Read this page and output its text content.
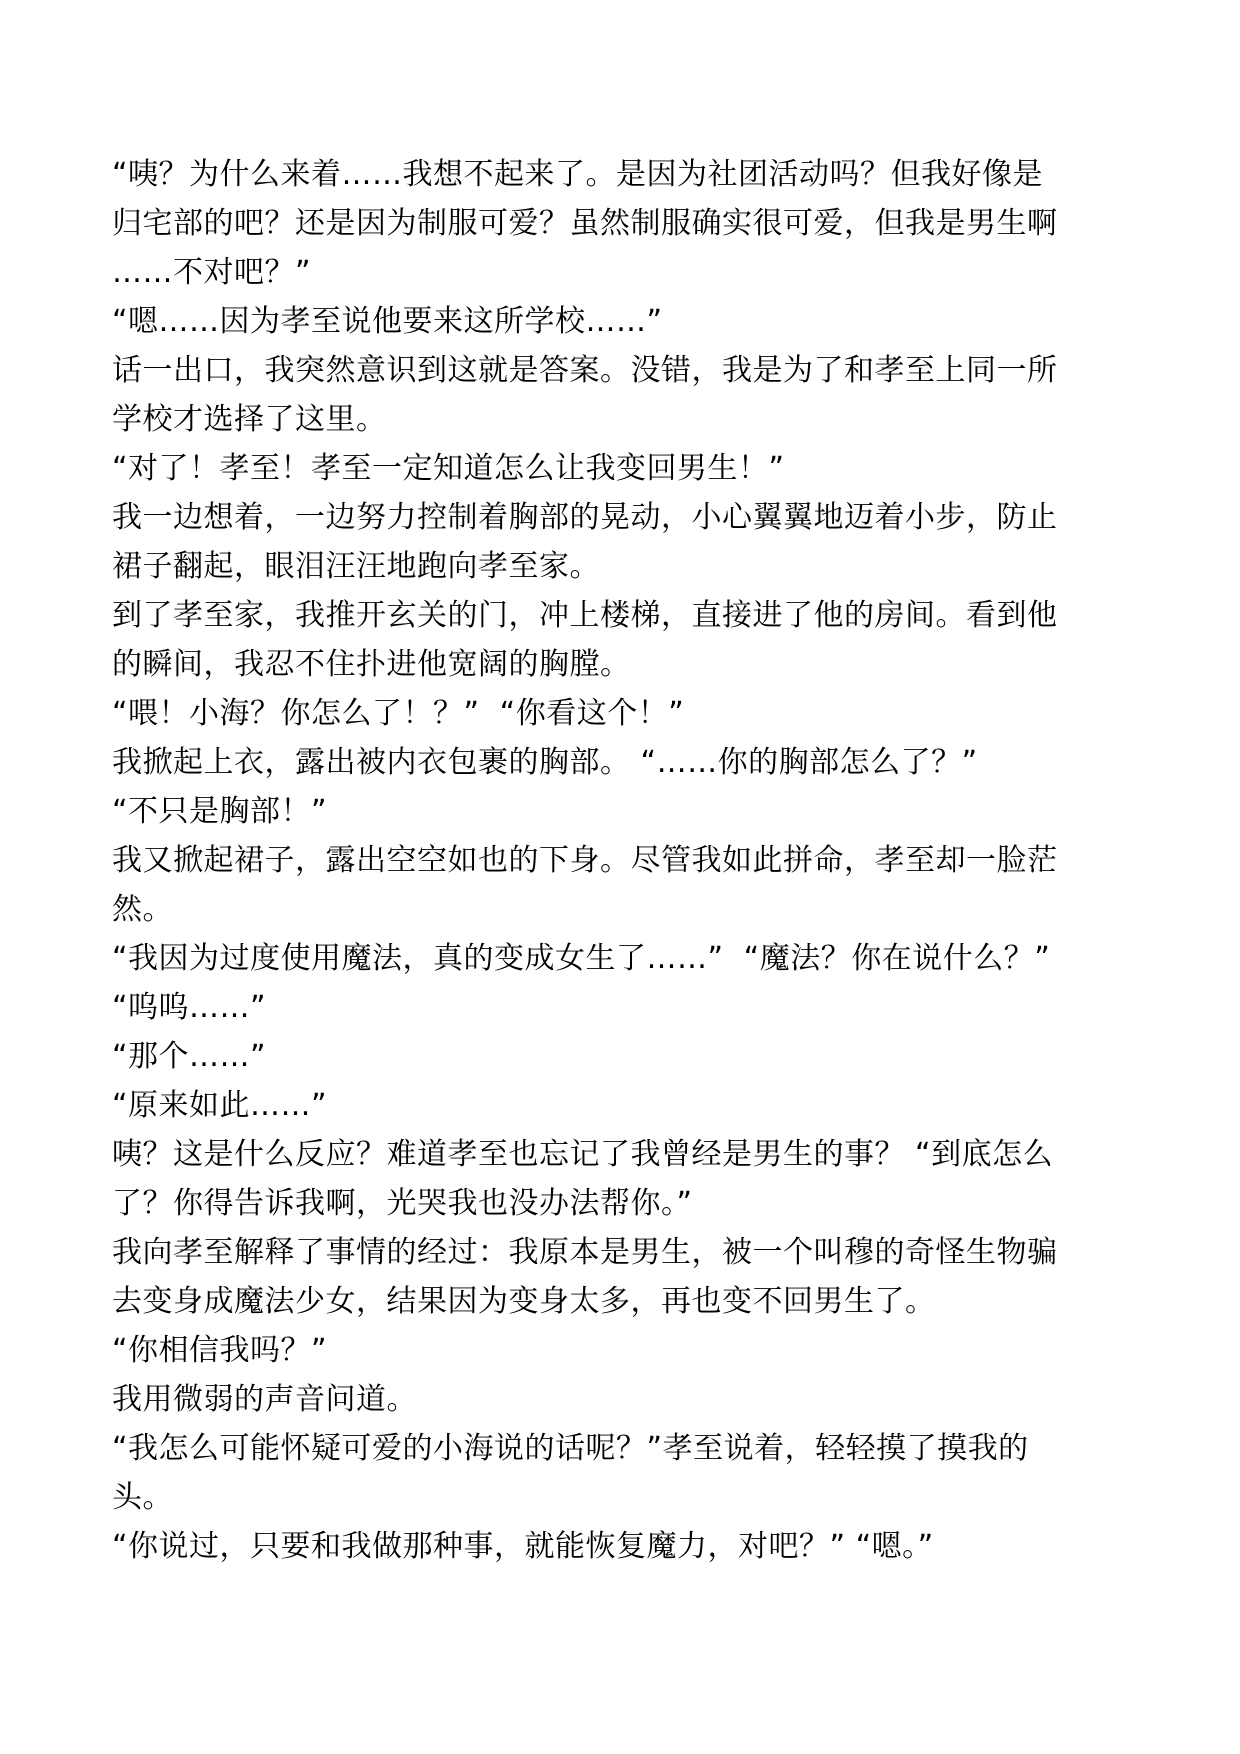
“咦？为什么来着……我想不起来了。是因为社团活动吗？但我好像是
归宅部的吧？还是因为制服可爱？虽然制服确实很可爱，但我是男生啊
……不对吧？”

“嗯……因为孝至说他要来这所学校……”

话一出口，我突然意识到这就是答案。没错，我是为了和孝至上同一所
学校才选择了这里。

“对了！孝至！孝至一定知道怎么让我变回男生！”

我一边想着，一边努力控制着胸部的晃动，小心翼翼地迈着小步，防止
裙子翻起，眼泪汪汪地跑向孝至家。

到了孝至家，我推开玄关的门，冲上楼梯，直接进了他的房间。看到他
的瞬间，我忍不住扑进他宽阔的胸膛。

“喂！小海？你怎么了！？”  “你看这个！”

我掀起上衣，露出被内衣包裹的胸部。 “……你的胸部怎么了？”

“不只是胸部！”

我又掀起裙子，露出空空如也的下身。尽管我如此拼命，孝至却一脸茫
然。

“我因为过度使用魔法，真的变成女生了……”  “魔法？你在说什么？”

“呜呜……”

“那个……”

“原来如此……”

咦？这是什么反应？难道孝至也忘记了我曾经是男生的事？ “到底怎么
了？你得告诉我啊，光哭我也没办法帮你。”

我向孝至解释了事情的经过：我原本是男生，被一个叫穆的奇怪生物骗
去变身成魔法少女，结果因为变身太多，再也变不回男生了。

“你相信我吗？”

我用微弱的声音问道。

“我怎么可能怀疑可爱的小海说的话呢？”孝至说着，轻轻摸了摸我的
头。

“你说过，只要和我做那种事，就能恢复魔力，对吧？” “嗯。”
